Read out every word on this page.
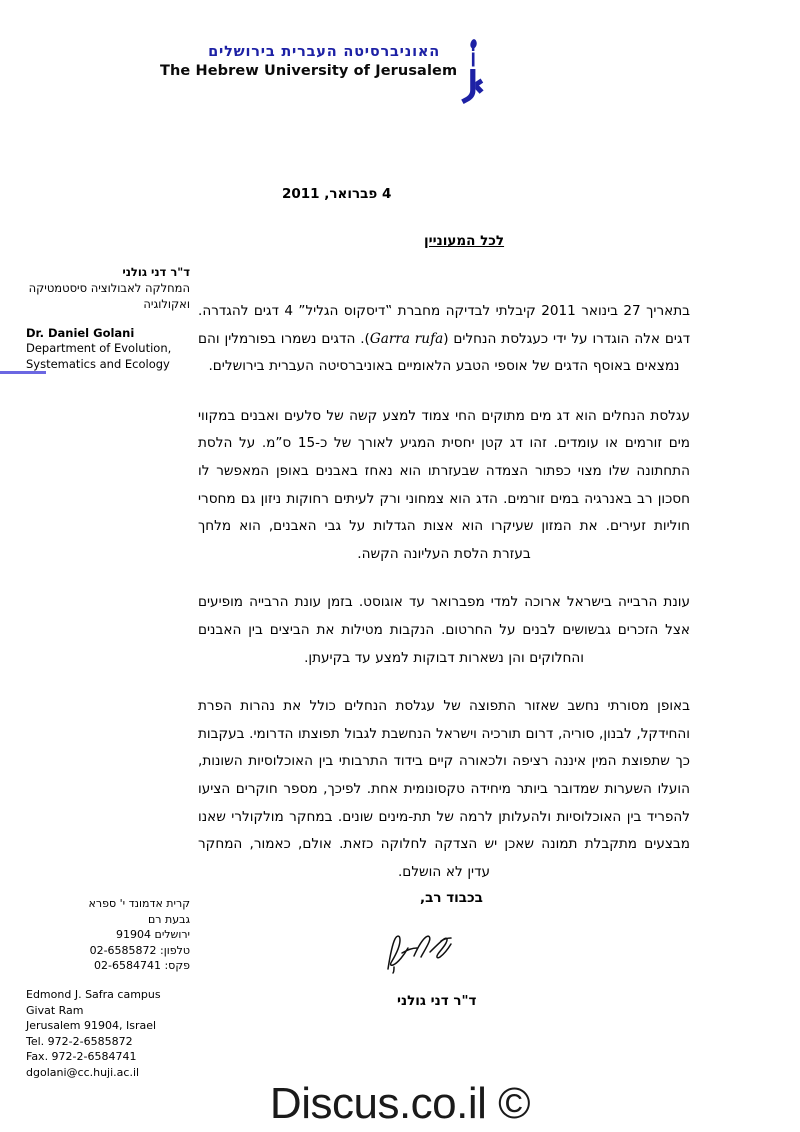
האוניברסיטה העברית בירושלים
The Hebrew University of Jerusalem
4 פברואר, 2011
לכל המעוניין
ד"ר דני גולני
המחלקה לאבולוציה סיסטמטיקה
ואקולוגיה
Dr. Daniel Golani
Department of Evolution,
Systematics and Ecology

בתאריך 27 בינואר 2011 קיבלתי לבדיקה מחברת ‟דיסקוס הגליל” 4 דגים להגדרה. דגים אלה הוגדרו על ידי כעגלסת הנחלים (Garra rufa). הדגים נשמרו בפורמלין והם נמצאים באוסף הדגים של אוספי הטבע הלאומיים באוניברסיטה העברית בירושלים.

עגלסת הנחלים הוא דג מים מתוקים החי צמוד למצע קשה של סלעים ואבנים במקווי מים זורמים או עומדים. זהו דג קטן יחסית המגיע לאורך של כ-15 ס”מ. על הלסת התחתונה שלו מצוי כפתור הצמדה שבעזרתו הוא נאחז באבנים באופן המאפשר לו חסכון רב באנרגיה במים זורמים. הדג הוא צמחוני ורק לעיתים רחוקות ניזון גם מחסרי חוליות זעירים. את המזון שעיקרו הוא אצות הגדלות על גבי האבנים, הוא מלחך בעזרת הלסת העליונה הקשה.

עונת הרבייה בישראל ארוכה למדי מפברואר עד אוגוסט. בזמן עונת הרבייה מופיעים אצל הזכרים גבשושים לבנים על החרטום. הנקבות מטילות את הביצים בין האבנים והחלוקים והן נשארות דבוקות למצע עד בקיעתן.

באופן מסורתי נחשב שאזור התפוצה של עגלסת הנחלים כולל את נהרות הפרת והחידקל, לבנון, סוריה, דרום תורכיה וישראל הנחשבת לגבול תפוצתו הדרומי. בעקבות כך שתפוצת המין איננה רציפה ולכאורה קיים בידוד התרבותי בין האוכלוסיות השונות, הועלו השערות שמדובר ביותר מיחידה טקסונומית אחת. לפיכך, מספר חוקרים הציעו להפריד בין האוכלוסיות ולהעלותן לרמה של תת-מינים שונים. במחקר מולקולרי שאנו מבצעים מתקבלת תמונה שאכן יש הצדקה לחלוקה כזאת. אולם, כאמור, המחקר עדין לא הושלם.

בכבוד רב,
ד"ר דני גולני
קרית אדמונד י' ספרא
גבעת רם
ירושלים 91904
טלפון: 02-6585872
פקס: 02-6584741
Edmond J. Safra campus
Givat Ram
Jerusalem 91904, Israel
Tel. 972-2-6585872
Fax. 972-2-6584741
dgolani@cc.huji.ac.il
Discus.co.il ©
